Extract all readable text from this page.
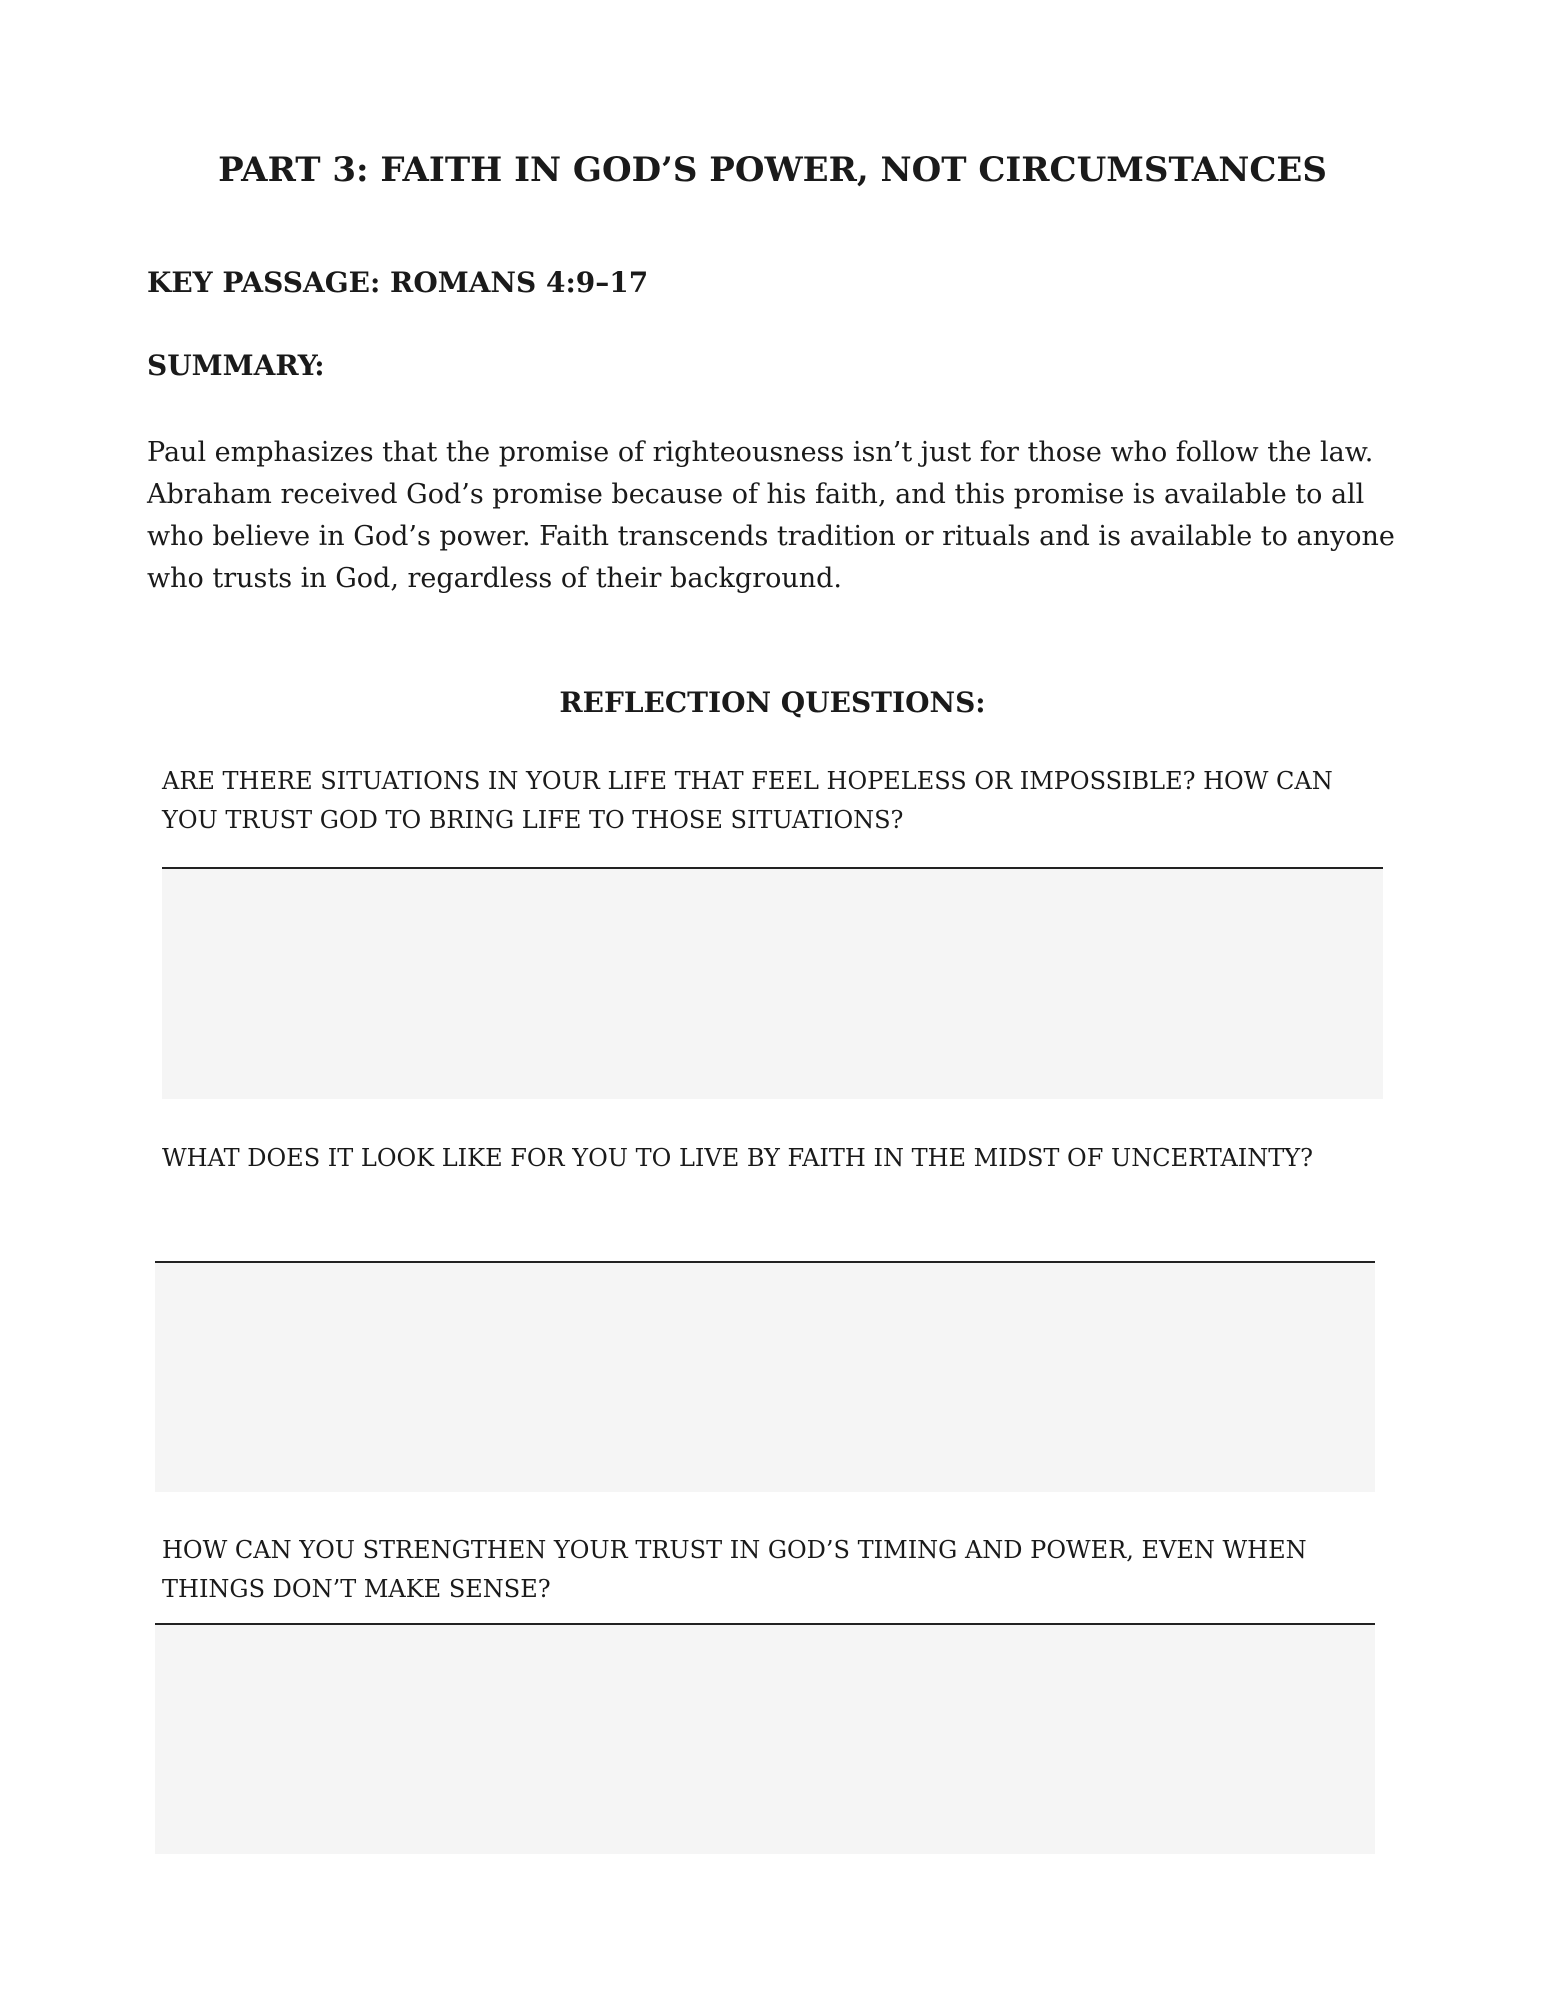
PART 3: FAITH IN GOD’S POWER, NOT CIRCUMSTANCES
KEY PASSAGE: ROMANS 4:9–17
SUMMARY:
Paul emphasizes that the promise of righteousness isn’t just for those who follow the law. Abraham received God’s promise because of his faith, and this promise is available to all who believe in God’s power. Faith transcends tradition or rituals and is available to anyone who trusts in God, regardless of their background.
REFLECTION QUESTIONS:
ARE THERE SITUATIONS IN YOUR LIFE THAT FEEL HOPELESS OR IMPOSSIBLE? HOW CAN YOU TRUST GOD TO BRING LIFE TO THOSE SITUATIONS?
WHAT DOES IT LOOK LIKE FOR YOU TO LIVE BY FAITH IN THE MIDST OF UNCERTAINTY?
HOW CAN YOU STRENGTHEN YOUR TRUST IN GOD’S TIMING AND POWER, EVEN WHEN THINGS DON’T MAKE SENSE?
